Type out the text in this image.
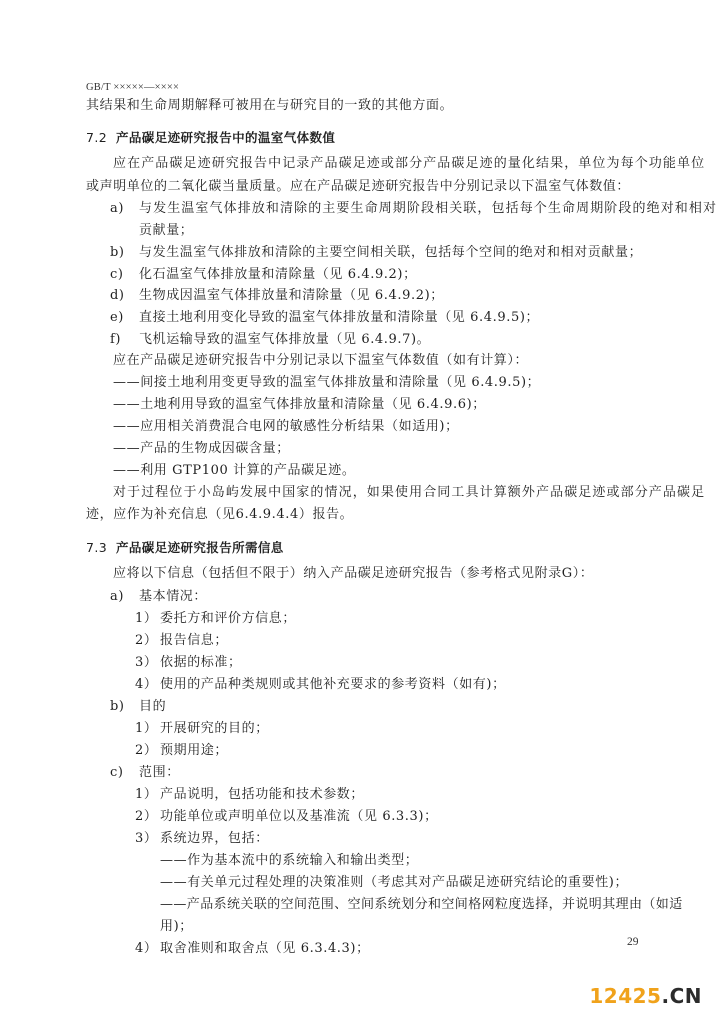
GB/T ×××××—××××
其结果和生命周期解释可被用在与研究目的一致的其他方面。
7.2 产品碳足迹研究报告中的温室气体数值
应在产品碳足迹研究报告中记录产品碳足迹或部分产品碳足迹的量化结果，单位为每个功能单位
或声明单位的二氧化碳当量质量。应在产品碳足迹研究报告中分别记录以下温室气体数值：
a) 与发生温室气体排放和清除的主要生命周期阶段相关联，包括每个生命周期阶段的绝对和相对
贡献量；
b) 与发生温室气体排放和清除的主要空间相关联，包括每个空间的绝对和相对贡献量；
c) 化石温室气体排放量和清除量（见 6.4.9.2)；
d) 生物成因温室气体排放量和清除量（见 6.4.9.2)；
e) 直接土地利用变化导致的温室气体排放量和清除量（见 6.4.9.5)；
f) 飞机运输导致的温室气体排放量（见 6.4.9.7)。
应在产品碳足迹研究报告中分别记录以下温室气体数值（如有计算）：
——间接土地利用变更导致的温室气体排放量和清除量（见 6.4.9.5)；
——土地利用导致的温室气体排放量和清除量（见 6.4.9.6)；
——应用相关消费混合电网的敏感性分析结果（如适用)；
——产品的生物成因碳含量；
——利用 GTP100 计算的产品碳足迹。
对于过程位于小岛屿发展中国家的情况，如果使用合同工具计算额外产品碳足迹或部分产品碳足
迹，应作为补充信息（见6.4.9.4.4）报告。
7.3 产品碳足迹研究报告所需信息
应将以下信息（包括但不限于）纳入产品碳足迹研究报告（参考格式见附录G）：
a) 基本情况：
1） 委托方和评价方信息；
2） 报告信息；
3） 依据的标准；
4） 使用的产品种类规则或其他补充要求的参考资料（如有)；
b) 目的
1） 开展研究的目的；
2） 预期用途；
c) 范围：
1） 产品说明，包括功能和技术参数；
2） 功能单位或声明单位以及基准流（见 6.3.3)；
3） 系统边界，包括：
——作为基本流中的系统输入和输出类型；
——有关单元过程处理的决策准则（考虑其对产品碳足迹研究结论的重要性)；
——产品系统关联的空间范围、空间系统划分和空间格网粒度选择，并说明其理由（如适
用)；
4） 取舍准则和取舍点（见 6.3.4.3)；	29
12425 .CN
